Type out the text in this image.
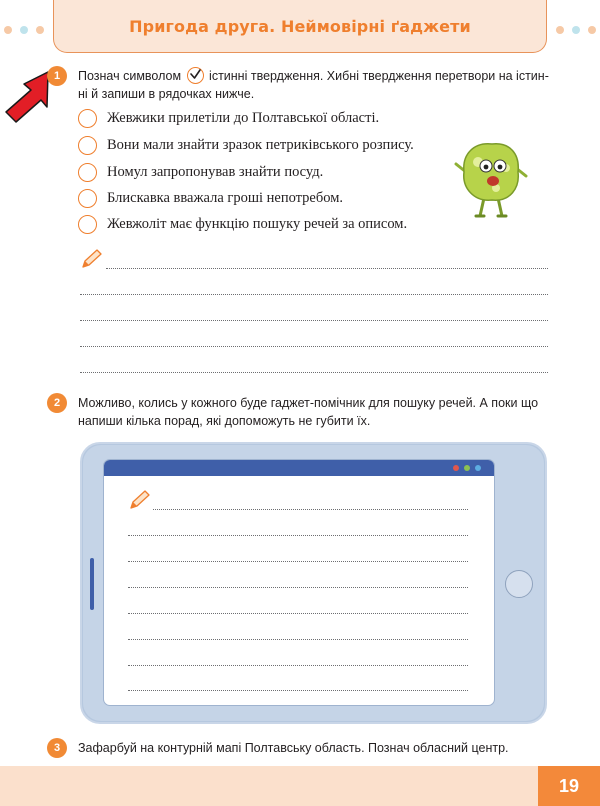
Пригода друга. Неймовірні ґаджети
1	Познач символом істинні твердження. Хибні твердження перетвори на істин-
ні й запиши в рядочках нижче.
Жевжики прилетіли до Полтавської області.
Вони мали знайти зразок петриківського розпису.
Номул запропонував знайти посуд.
Блискавка вважала гроші непотребом.
Жевжоліт має функцію пошуку речей за описом.
2	Можливо, колись у кожного буде гаджет-помічник для пошуку речей. А поки що
напиши кілька порад, які допоможуть не губити їх.
3	Зафарбуй на контурній мапі Полтавську область. Познач обласний центр.
19
